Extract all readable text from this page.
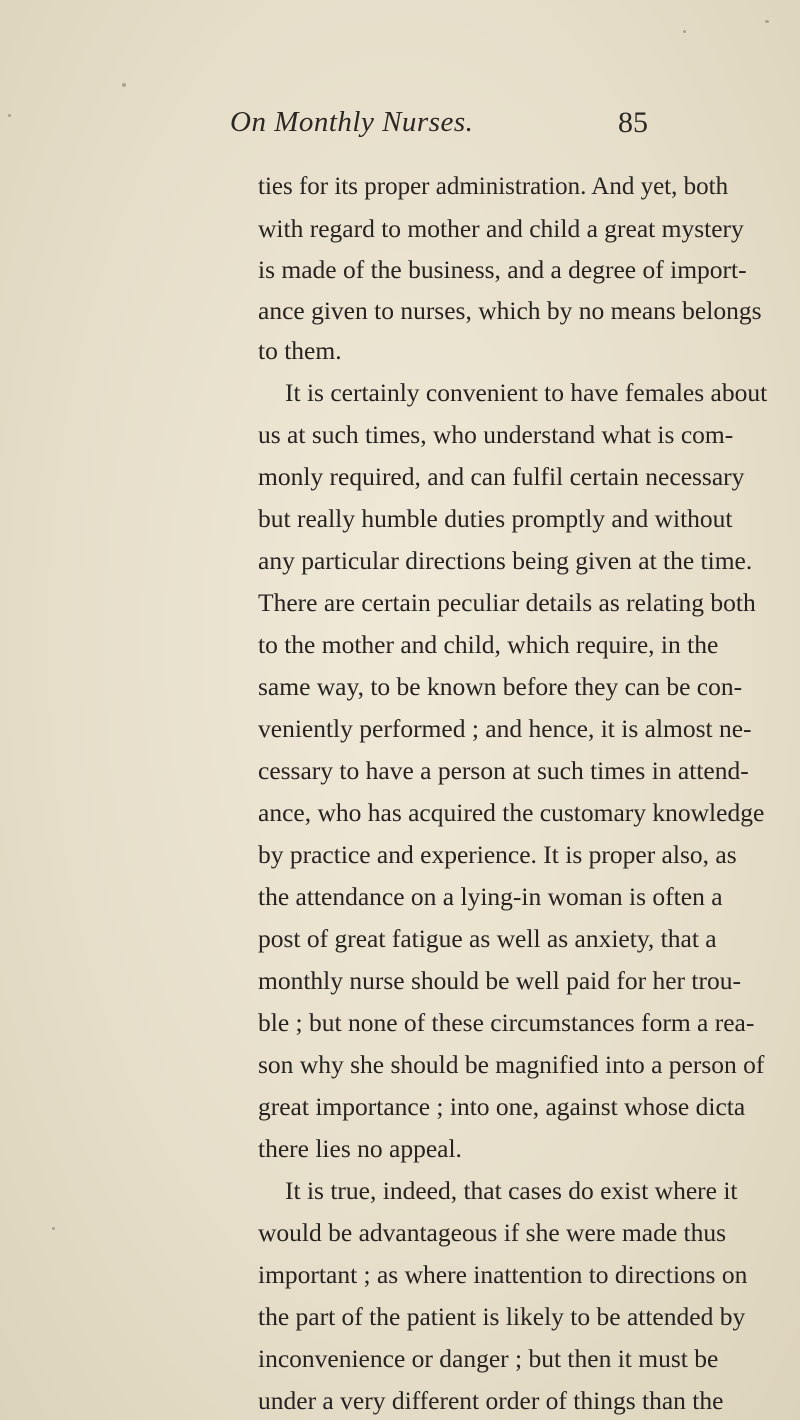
On Monthly Nurses.	85
ties for its proper administration. And yet, both
with regard to mother and child a great mystery
is made of the business, and a degree of import-
ance given to nurses, which by no means belongs
to them.
It is certainly convenient to have females about
us at such times, who understand what is com-
monly required, and can fulfil certain necessary
but really humble duties promptly and without
any particular directions being given at the time.
There are certain peculiar details as relating both
to the mother and child, which require, in the
same way, to be known before they can be con-
veniently performed ; and hence, it is almost ne-
cessary to have a person at such times in attend-
ance, who has acquired the customary knowledge
by practice and experience. It is proper also, as
the attendance on a lying-in woman is often a
post of great fatigue as well as anxiety, that a
monthly nurse should be well paid for her trou-
ble ; but none of these circumstances form a rea-
son why she should be magnified into a person of
great importance ; into one, against whose dicta
there lies no appeal.
It is true, indeed, that cases do exist where it
would be advantageous if she were made thus
important ; as where inattention to directions on
the part of the patient is likely to be attended by
inconvenience or danger ; but then it must be
under a very different order of things than the
